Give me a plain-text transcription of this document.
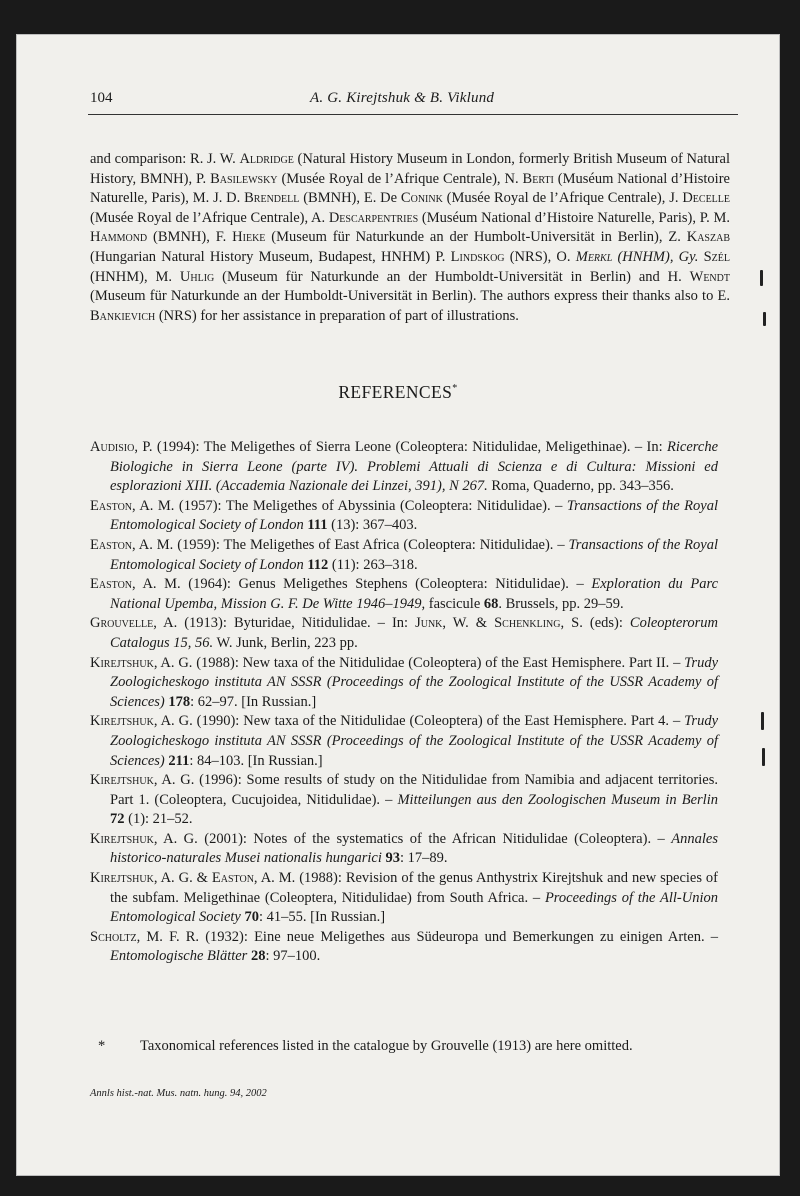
104	A. G. Kirejtshuk & B. Viklund

and comparison: R. J. W. Aldridge (Natural History Museum in London, formerly British Museum of Natural History, BMNH), P. Basilewsky (Musée Royal de l’Afrique Centrale), N. Berti (Muséum National d’Histoire Naturelle, Paris), M. J. D. Brendell (BMNH), E. De Conink (Musée Royal de l’Afrique Centrale), J. Decelle (Musée Royal de l’Afrique Centrale), A. Descarpentries (Muséum National d’Histoire Naturelle, Paris), P. M. Hammond (BMNH), F. Hieke (Museum für Naturkunde an der Humbolt-Universität in Berlin), Z. Kaszab (Hungarian Natural History Museum, Budapest, HNHM) P. Lindskog (NRS), O. Merkl (HNHM), Gy. Szél (HNHM), M. Uhlig (Museum für Naturkunde an der Humboldt-Universität in Berlin) and H. Wendt (Museum für Naturkunde an der Humboldt-Universität in Berlin). The authors express their thanks also to E. Bankievich (NRS) for her assistance in preparation of part of illustrations.

REFERENCES*

Audisio, P. (1994): The Meligethes of Sierra Leone (Coleoptera: Nitidulidae, Meligethinae). – In: Ricerche Biologiche in Sierra Leone (parte IV). Problemi Attuali di Scienza e di Cultura: Missioni ed esplorazioni XIII. (Accademia Nazionale dei Linzei, 391), N 267. Roma, Quaderno, pp. 343–356.

Easton, A. M. (1957): The Meligethes of Abyssinia (Coleoptera: Nitidulidae). – Transactions of the Royal Entomological Society of London 111 (13): 367–403.

Easton, A. M. (1959): The Meligethes of East Africa (Coleoptera: Nitidulidae). – Transactions of the Royal Entomological Society of London 112 (11): 263–318.

Easton, A. M. (1964): Genus Meligethes Stephens (Coleoptera: Nitidulidae). – Exploration du Parc National Upemba, Mission G. F. De Witte 1946–1949, fascicule 68. Brussels, pp. 29–59.

Grouvelle, A. (1913): Byturidae, Nitidulidae. – In: Junk, W. & Schenkling, S. (eds): Coleopterorum Catalogus 15, 56. W. Junk, Berlin, 223 pp.

Kirejtshuk, A. G. (1988): New taxa of the Nitidulidae (Coleoptera) of the East Hemisphere. Part II. – Trudy Zoologicheskogo instituta AN SSSR (Proceedings of the Zoological Institute of the USSR Academy of Sciences) 178: 62–97. [In Russian.]

Kirejtshuk, A. G. (1990): New taxa of the Nitidulidae (Coleoptera) of the East Hemisphere. Part 4. – Trudy Zoologicheskogo instituta AN SSSR (Proceedings of the Zoological Institute of the USSR Academy of Sciences) 211: 84–103. [In Russian.]

Kirejtshuk, A. G. (1996): Some results of study on the Nitidulidae from Namibia and adjacent territories. Part 1. (Coleoptera, Cucujoidea, Nitidulidae). – Mitteilungen aus den Zoologischen Museum in Berlin 72 (1): 21–52.

Kirejtshuk, A. G. (2001): Notes of the systematics of the African Nitidulidae (Coleoptera). – Annales historico-naturales Musei nationalis hungarici 93: 17–89.

Kirejtshuk, A. G. & Easton, A. M. (1988): Revision of the genus Anthystrix Kirejtshuk and new species of the subfam. Meligethinae (Coleoptera, Nitidulidae) from South Africa. – Proceedings of the All-Union Entomological Society 70: 41–55. [In Russian.]

Scholtz, M. F. R. (1932): Eine neue Meligethes aus Südeuropa und Bemerkungen zu einigen Arten. – Entomologische Blätter 28: 97–100.

* Taxonomical references listed in the catalogue by Grouvelle (1913) are here omitted.
Annls hist.-nat. Mus. natn. hung. 94, 2002
